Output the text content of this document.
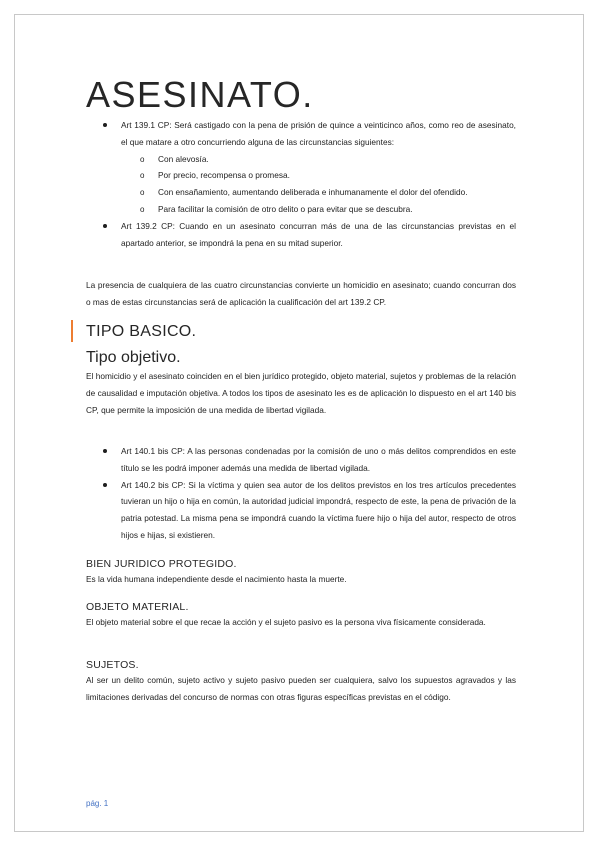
ASESINATO.

Art 139.1 CP: Será castigado con la pena de prisión de quince a veinticinco años, como reo de asesinato, el que matare a otro concurriendo alguna de las circunstancias siguientes:

o Con alevosía.

o Por precio, recompensa o promesa.

o Con ensañamiento, aumentando deliberada e inhumanamente el dolor del ofendido.

o Para facilitar la comisión de otro delito o para evitar que se descubra.

Art 139.2 CP: Cuando en un asesinato concurran más de una de las circunstancias previstas en el apartado anterior, se impondrá la pena en su mitad superior.

La presencia de cualquiera de las cuatro circunstancias convierte un homicidio en asesinato; cuando concurran dos o mas de estas circunstancias será de aplicación la cualificación del art 139.2 CP.

TIPO BASICO.
Tipo objetivo.

El homicidio y el asesinato coinciden en el bien jurídico protegido, objeto material, sujetos y problemas de la relación de causalidad e imputación objetiva. A todos los tipos de asesinato les es de aplicación lo dispuesto en el art 140 bis CP, que permite la imposición de una medida de libertad vigilada.

Art 140.1 bis CP: A las personas condenadas por la comisión de uno o más delitos comprendidos en este título se les podrá imponer además una medida de libertad vigilada.

Art 140.2 bis CP: Si la víctima y quien sea autor de los delitos previstos en los tres artículos precedentes tuvieran un hijo o hija en común, la autoridad judicial impondrá, respecto de este, la pena de privación de la patria potestad. La misma pena se impondrá cuando la víctima fuere hijo o hija del autor, respecto de otros hijos e hijas, si existieren.

BIEN JURIDICO PROTEGIDO.

Es la vida humana independiente desde el nacimiento hasta la muerte.

OBJETO MATERIAL.

El objeto material sobre el que recae la acción y el sujeto pasivo es la persona viva físicamente considerada.

SUJETOS.

Al ser un delito común, sujeto activo y sujeto pasivo pueden ser cualquiera, salvo los supuestos agravados y las limitaciones derivadas del concurso de normas con otras figuras específicas previstas en el código.

pág. 1
